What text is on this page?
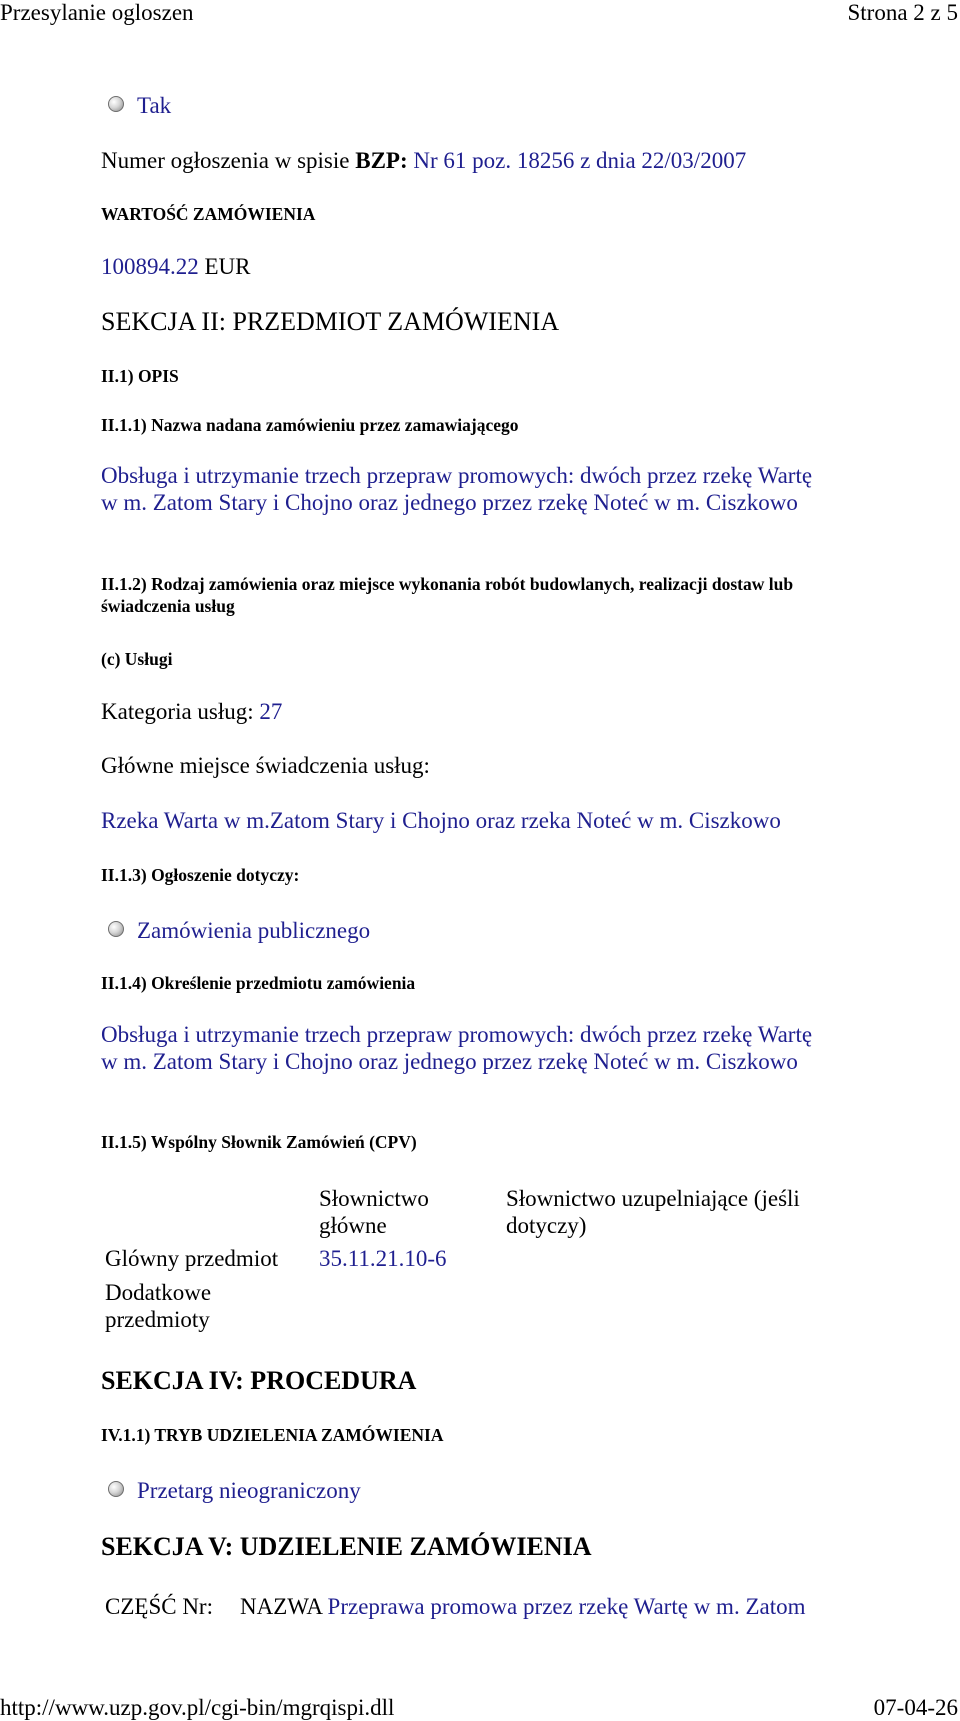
Przesylanie ogloszen	Strona 2 z 5
Tak
Numer ogłoszenia w spisie BZP: Nr 61 poz. 18256 z dnia 22/03/2007
WARTOŚĆ ZAMÓWIENIA
100894.22 EUR
SEKCJA II: PRZEDMIOT ZAMÓWIENIA
II.1) OPIS
II.1.1) Nazwa nadana zamówieniu przez zamawiającego
Obsługa i utrzymanie trzech przepraw promowych: dwóch przez rzekę Wartę w m. Zatom Stary i Chojno oraz jednego przez rzekę Noteć w m. Ciszkowo
II.1.2) Rodzaj zamówienia oraz miejsce wykonania robót budowlanych, realizacji dostaw lub świadczenia usług
(c) Usługi
Kategoria usług: 27
Główne miejsce świadczenia usług:
Rzeka Warta w m.Zatom Stary i Chojno oraz rzeka Noteć w m. Ciszkowo
II.1.3) Ogłoszenie dotyczy:
Zamówienia publicznego
II.1.4) Określenie przedmiotu zamówienia
Obsługa i utrzymanie trzech przepraw promowych: dwóch przez rzekę Wartę w m. Zatom Stary i Chojno oraz jednego przez rzekę Noteć w m. Ciszkowo
II.1.5) Wspólny Słownik Zamówień (CPV)
Słownictwo główne
Słownictwo uzupelniające (jeśli dotyczy)
Glówny przedmiot 35.11.21.10-6
Dodatkowe przedmioty
SEKCJA IV: PROCEDURA
IV.1.1) TRYB UDZIELENIA ZAMÓWIENIA
Przetarg nieograniczony
SEKCJA V: UDZIELENIE ZAMÓWIENIA
CZĘŚĆ Nr: NAZWA Przeprawa promowa przez rzekę Wartę w m. Zatom
http://www.uzp.gov.pl/cgi-bin/mgrqispi.dll	07-04-26
